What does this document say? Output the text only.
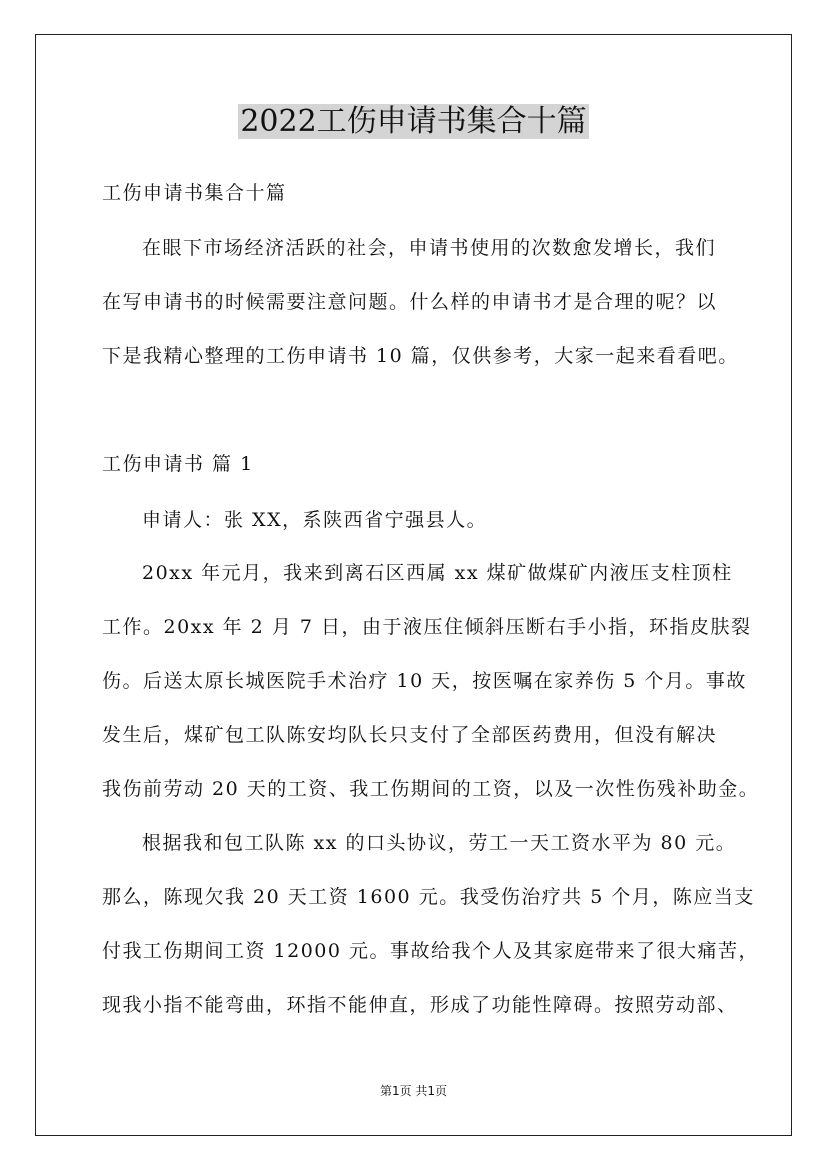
2022工伤申请书集合十篇
工伤申请书集合十篇
在眼下市场经济活跃的社会，申请书使用的次数愈发增长，我们
在写申请书的时候需要注意问题。什么样的申请书才是合理的呢？以
下是我精心整理的工伤申请书 10 篇，仅供参考，大家一起来看看吧。
工伤申请书 篇 1
申请人：张 XX，系陕西省宁强县人。
20xx 年元月，我来到离石区西属 xx 煤矿做煤矿内液压支柱顶柱
工作。20xx 年 2 月 7 日，由于液压住倾斜压断右手小指，环指皮肤裂
伤。后送太原长城医院手术治疗 10 天，按医嘱在家养伤 5 个月。事故
发生后，煤矿包工队陈安均队长只支付了全部医药费用，但没有解决
我伤前劳动 20 天的工资、我工伤期间的工资，以及一次性伤残补助金。
根据我和包工队陈 xx 的口头协议，劳工一天工资水平为 80 元。
那么，陈现欠我 20 天工资 1600 元。我受伤治疗共 5 个月，陈应当支
付我工伤期间工资 12000 元。事故给我个人及其家庭带来了很大痛苦，
现我小指不能弯曲，环指不能伸直，形成了功能性障碍。按照劳动部、
第1页 共1页
